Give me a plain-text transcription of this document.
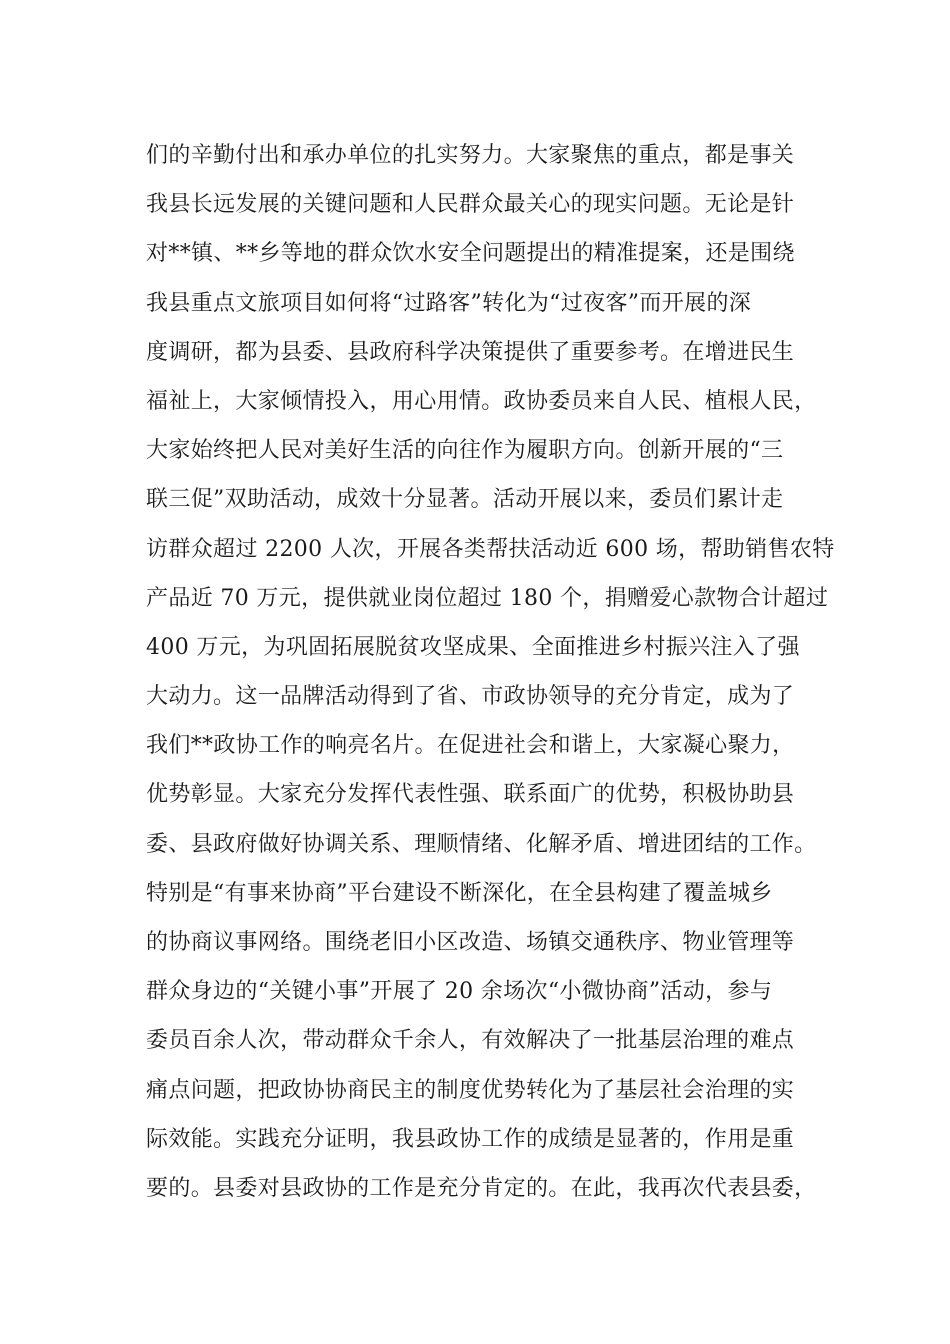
们的辛勤付出和承办单位的扎实努力。大家聚焦的重点，都是事关
我县长远发展的关键问题和人民群众最关心的现实问题。无论是针
对**镇、**乡等地的群众饮水安全问题提出的精准提案，还是围绕
我县重点文旅项目如何将“过路客”转化为“过夜客”而开展的深
度调研，都为县委、县政府科学决策提供了重要参考。在增进民生
福祉上，大家倾情投入，用心用情。政协委员来自人民、植根人民，
大家始终把人民对美好生活的向往作为履职方向。创新开展的“三
联三促”双助活动，成效十分显著。活动开展以来，委员们累计走
访群众超过 2200 人次，开展各类帮扶活动近 600 场，帮助销售农特
产品近 70 万元，提供就业岗位超过 180 个，捐赠爱心款物合计超过
400 万元，为巩固拓展脱贫攻坚成果、全面推进乡村振兴注入了强
大动力。这一品牌活动得到了省、市政协领导的充分肯定，成为了
我们**政协工作的响亮名片。在促进社会和谐上，大家凝心聚力，
优势彰显。大家充分发挥代表性强、联系面广的优势，积极协助县
委、县政府做好协调关系、理顺情绪、化解矛盾、增进团结的工作。
特别是“有事来协商”平台建设不断深化，在全县构建了覆盖城乡
的协商议事网络。围绕老旧小区改造、场镇交通秩序、物业管理等
群众身边的“关键小事”开展了 20 余场次“小微协商”活动，参与
委员百余人次，带动群众千余人，有效解决了一批基层治理的难点
痛点问题，把政协协商民主的制度优势转化为了基层社会治理的实
际效能。实践充分证明，我县政协工作的成绩是显著的，作用是重
要的。县委对县政协的工作是充分肯定的。在此，我再次代表县委，
